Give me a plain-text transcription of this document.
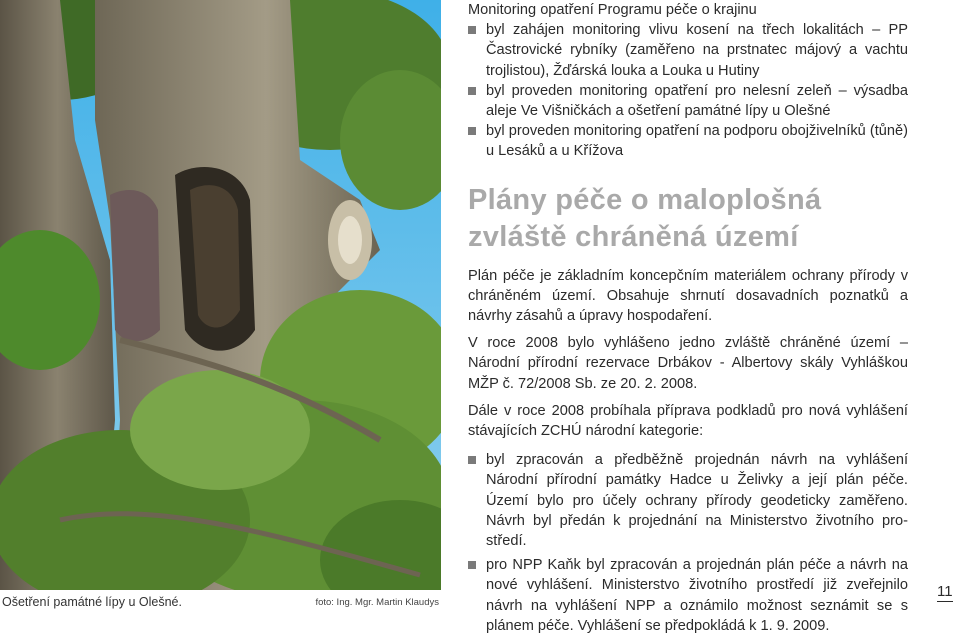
Ošetření památné lípy u Olešné.	foto: Ing. Mgr. Martin Klaudys

Monitoring opatření Programu péče o krajinu

byl zahájen monitoring vlivu kosení na třech lokalitách – PP Častrovické rybníky (zaměřeno na prstnatec májový a vachtu trojlistou), Žďárská louka a Louka u Hutiny
byl proveden monitoring opatření pro nelesní zeleň – výsadba aleje Ve Višničkách a ošetření památné lípy u Olešné
byl proveden monitoring opatření na podporu obojživelníků (tůně) u Lesáků a u Křížova
Plány péče o maloplošná
zvláště chráněná území

Plán péče je základním koncepčním materiálem ochrany přírody v chráněném území. Obsahuje shrnutí dosavadních poznatků a návrhy zásahů a úpravy hospodaření.

V roce 2008 bylo vyhlášeno jedno zvláště chráněné území – Národní přírodní rezervace Drbákov - Albertovy skály Vyhláškou MŽP č. 72/2008 Sb. ze 20. 2. 2008.

Dále v roce 2008 probíhala příprava podkladů pro nová vyhlášení stávajících ZCHÚ národní kategorie:

byl zpracován a předběžně projednán návrh na vyhlášení Národní přírodní památky Hadce u Želivky a její plán péče. Území bylo pro účely ochrany přírody geodeticky zaměřeno. Návrh byl předán k projednání na Ministerstvo životního prostředí.
pro NPP Kaňk byl zpracován a projednán plán péče a návrh na nové vyhlášení. Ministerstvo životního prostředí již zveřejnilo návrh na vyhlášení NPP a oznámilo možnost seznámit se s plánem péče. Vyhlášení se předpokládá k 1. 9. 2009.
11
